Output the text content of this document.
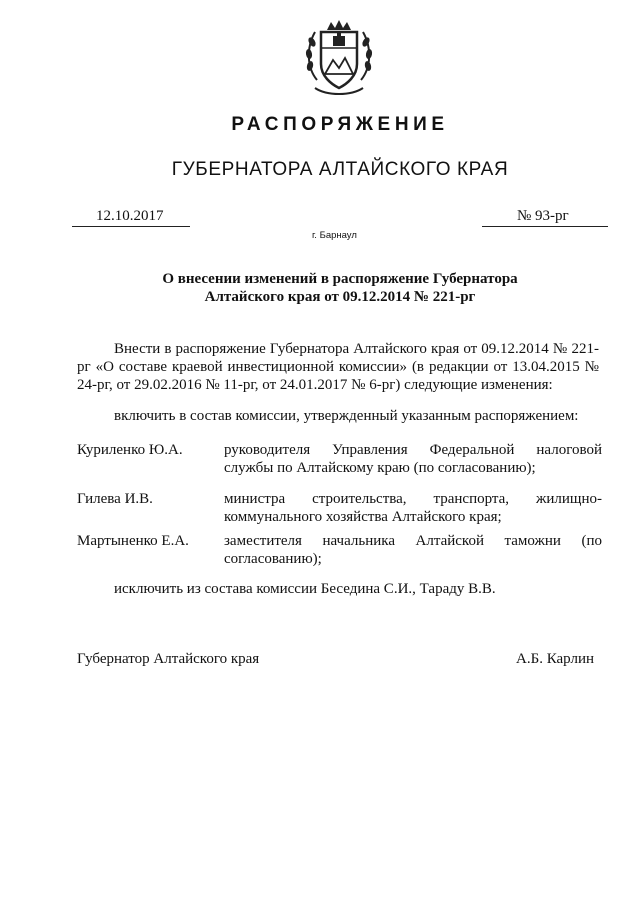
РАСПОРЯЖЕНИЕ
ГУБЕРНАТОРА АЛТАЙСКОГО КРАЯ
12.10.2017	№ 93-рг
г. Барнаул
О внесении изменений в распоряжение Губернатора
Алтайского края от 09.12.2014 № 221-рг
Внести в распоряжение Губернатора Алтайского края от 09.12.2014 № 221-рг «О составе краевой инвестиционной комиссии» (в редакции от 13.04.2015 № 24-рг, от 29.02.2016 № 11-рг, от 24.01.2017 № 6-рг) следующие изменения:
включить в состав комиссии, утвержденный указанным распоряжением:
Куриленко Ю.А.	руководителя Управления Федеральной налоговой
службы по Алтайскому краю (по согласованию);
Гилева И.В.	министра строительства, транспорта, жилищно-
коммунального хозяйства Алтайского края;
Мартыненко Е.А. заместителя начальника Алтайской таможни (по
согласованию);
исключить из состава комиссии Беседина С.И., Тараду В.В.
Губернатор Алтайского края	А.Б. Карлин
